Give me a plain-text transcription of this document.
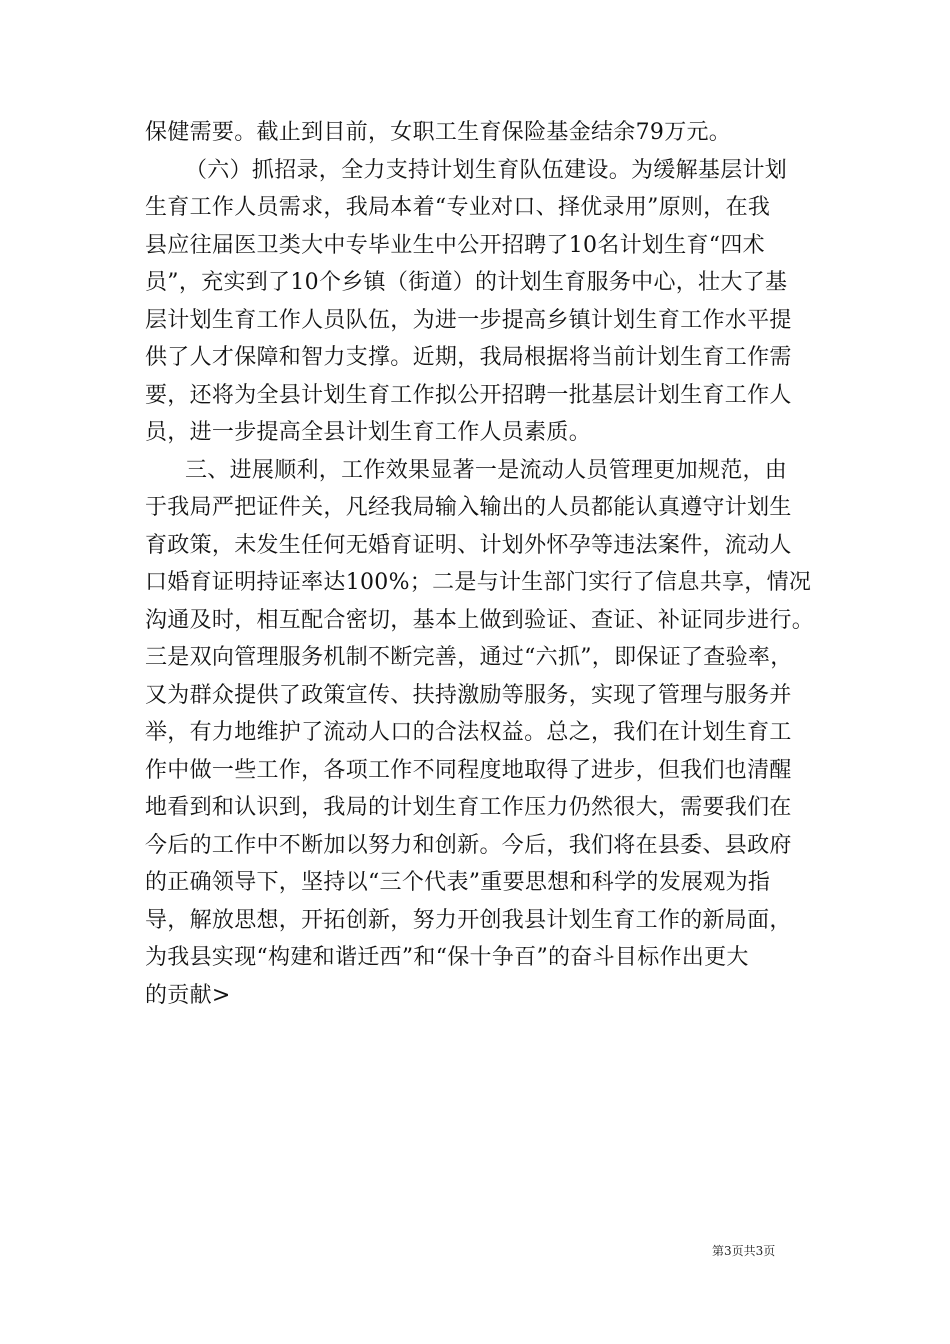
保健需要。截止到目前，女职工生育保险基金结余79万元。
（六）抓招录，全力支持计划生育队伍建设。为缓解基层计划
生育工作人员需求，我局本着“专业对口、择优录用”原则，在我
县应往届医卫类大中专毕业生中公开招聘了10名计划生育“四术
员”，充实到了10个乡镇（街道）的计划生育服务中心，壮大了基
层计划生育工作人员队伍，为进一步提高乡镇计划生育工作水平提
供了人才保障和智力支撑。近期，我局根据将当前计划生育工作需
要，还将为全县计划生育工作拟公开招聘一批基层计划生育工作人
员，进一步提高全县计划生育工作人员素质。
三、进展顺利，工作效果显著一是流动人员管理更加规范，由
于我局严把证件关，凡经我局输入输出的人员都能认真遵守计划生
育政策，未发生任何无婚育证明、计划外怀孕等违法案件，流动人
口婚育证明持证率达100%；二是与计生部门实行了信息共享，情况
沟通及时，相互配合密切，基本上做到验证、查证、补证同步进行。
三是双向管理服务机制不断完善，通过“六抓”，即保证了查验率，
又为群众提供了政策宣传、扶持激励等服务，实现了管理与服务并
举，有力地维护了流动人口的合法权益。总之，我们在计划生育工
作中做一些工作，各项工作不同程度地取得了进步，但我们也清醒
地看到和认识到，我局的计划生育工作压力仍然很大，需要我们在
今后的工作中不断加以努力和创新。今后，我们将在县委、县政府
的正确领导下，坚持以“三个代表”重要思想和科学的发展观为指
导，解放思想，开拓创新，努力开创我县计划生育工作的新局面，
为我县实现“构建和谐迁西”和“保十争百”的奋斗目标作出更大
的贡献>
第3页共3页
